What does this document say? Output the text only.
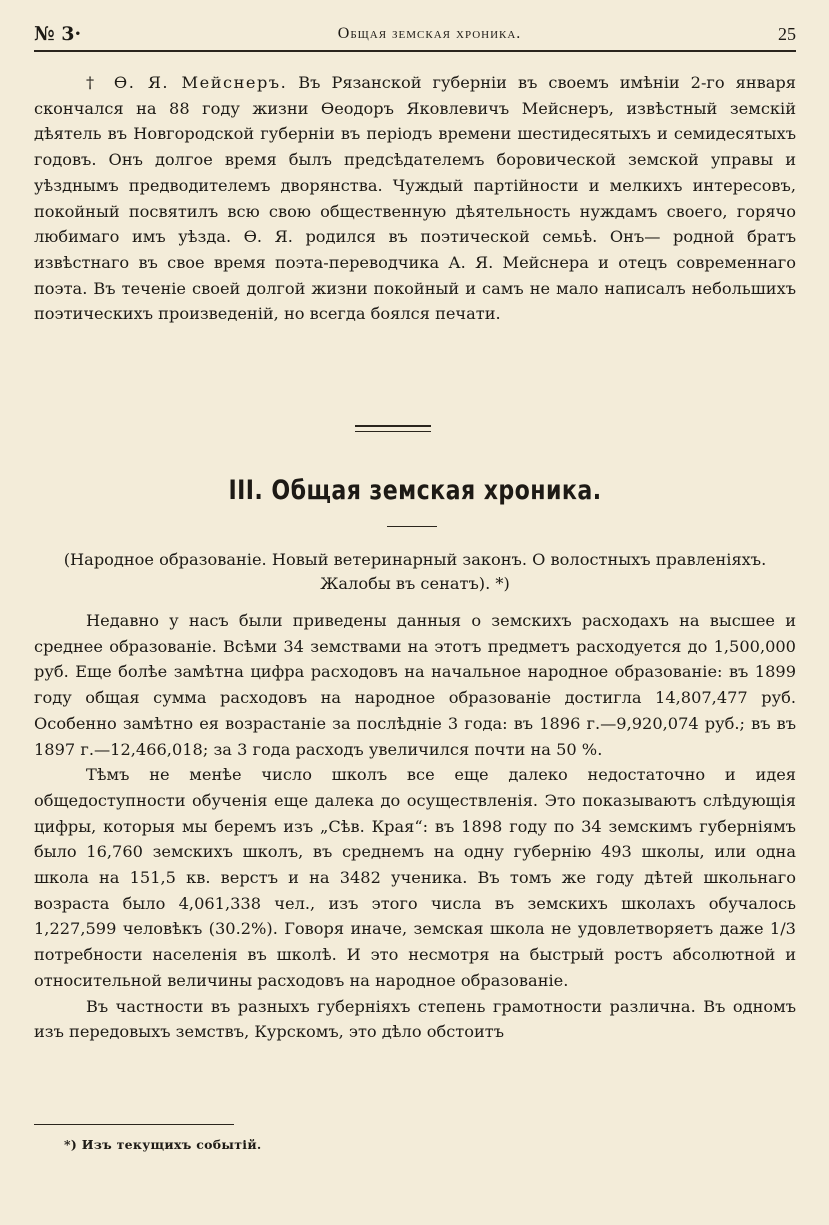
№ 3·	Общая земская хроника.	25

† Ѳ. Я. Мейснеръ. Въ Рязанской губерніи въ своемъ имѣніи 2-го января скончался на 88 году жизни Ѳеодоръ Яковлевичъ Мейснеръ, извѣстный земскій дѣятель въ Новгородской губерніи въ періодъ времени шестидесятыхъ и семидесятыхъ годовъ. Онъ долгое время былъ предсѣдателемъ боровической земской управы и уѣзднымъ предводителемъ дворянства. Чуждый партійности и мелкихъ интересовъ, покойный посвятилъ всю свою общественную дѣятельность нуждамъ своего, горячо любимаго имъ уѣзда. Ѳ. Я. родился въ поэтической семьѣ. Онъ— родной братъ извѣстнаго въ свое время поэта-переводчика А. Я. Мейснера и отецъ современнаго поэта. Въ теченіе своей долгой жизни покойный и самъ не мало написалъ небольшихъ поэтическихъ произведеній, но всегда боялся печати.

III. Общая земская хроника.
(Народное образованіе. Новый ветеринарный законъ. О волостныхъ правленіяхъ.
Жалобы въ сенатъ). *)

Недавно у насъ были приведены данныя о земскихъ расходахъ на высшее и среднее образованіе. Всѣми 34 земствами на этотъ предметъ расходуется до 1,500,000 руб. Еще болѣе замѣтна цифра расходовъ на начальное народное образованіе: въ 1899 году общая сумма расходовъ на народное образованіе достигла 14,807,477 руб. Особенно замѣтно ея возрастаніе за послѣдніе 3 года: въ 1896 г.—9,920,074 руб.; въ въ 1897 г.—12,466,018; за 3 года расходъ увеличился почти на 50 %.

Тѣмъ не менѣе число школъ все еще далеко недостаточно и идея общедоступности обученія еще далека до осуществленія. Это показываютъ слѣдующія цифры, которыя мы беремъ изъ „Сѣв. Края“: въ 1898 году по 34 земскимъ губерніямъ было 16,760 земскихъ школъ, въ среднемъ на одну губернію 493 школы, или одна школа на 151,5 кв. верстъ и на 3482 ученика. Въ томъ же году дѣтей школьнаго возраста было 4,061,338 чел., изъ этого числа въ земскихъ школахъ обучалось 1,227,599 человѣкъ (30.2%). Говоря иначе, земская школа не удовлетворяетъ даже 1/3 потребности населенія въ школѣ. И это несмотря на быстрый ростъ абсолютной и относительной величины расходовъ на народное образованіе.

Въ частности въ разныхъ губерніяхъ степень грамотности различна. Въ одномъ изъ передовыхъ земствъ, Курскомъ, это дѣло обстоитъ

*) Изъ текущихъ событій.
